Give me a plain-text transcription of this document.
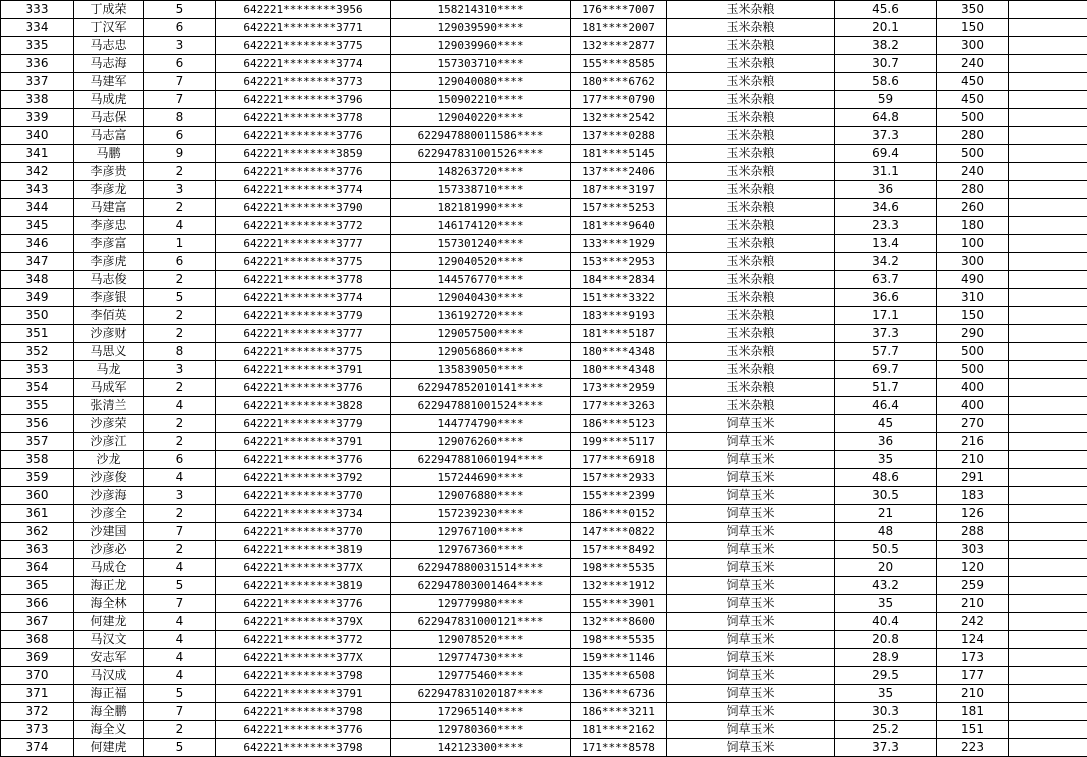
333	丁成荣	5	642221********3956	158214310****	176****7007	玉米杂粮	45.6	350	
334	丁汉军	6	642221********3771	129039590****	181****2007	玉米杂粮	20.1	150	
335	马志忠	3	642221********3775	129039960****	132****2877	玉米杂粮	38.2	300	
336	马志海	6	642221********3774	157303710****	155****8585	玉米杂粮	30.7	240	
337	马建军	7	642221********3773	129040080****	180****6762	玉米杂粮	58.6	450	
338	马成虎	7	642221********3796	150902210****	177****0790	玉米杂粮	59	450	
339	马志保	8	642221********3778	129040220****	132****2542	玉米杂粮	64.8	500	
340	马志富	6	642221********3776	622947880011586****	137****0288	玉米杂粮	37.3	280	
341	马鹏	9	642221********3859	622947831001526****	181****5145	玉米杂粮	69.4	500	
342	李彦贵	2	642221********3776	148263720****	137****2406	玉米杂粮	31.1	240	
343	李彦龙	3	642221********3774	157338710****	187****3197	玉米杂粮	36	280	
344	马建富	2	642221********3790	182181990****	157****5253	玉米杂粮	34.6	260	
345	李彦忠	4	642221********3772	146174120****	181****9640	玉米杂粮	23.3	180	
346	李彦富	1	642221********3777	157301240****	133****1929	玉米杂粮	13.4	100	
347	李彦虎	6	642221********3775	129040520****	153****2953	玉米杂粮	34.2	300	
348	马志俊	2	642221********3778	144576770****	184****2834	玉米杂粮	63.7	490	
349	李彦银	5	642221********3774	129040430****	151****3322	玉米杂粮	36.6	310	
350	李佰英	2	642221********3779	136192720****	183****9193	玉米杂粮	17.1	150	
351	沙彦财	2	642221********3777	129057500****	181****5187	玉米杂粮	37.3	290	
352	马思义	8	642221********3775	129056860****	180****4348	玉米杂粮	57.7	500	
353	马龙	3	642221********3791	135839050****	180****4348	玉米杂粮	69.7	500	
354	马成军	2	642221********3776	622947852010141****	173****2959	玉米杂粮	51.7	400	
355	张清兰	4	642221********3828	622947881001524****	177****3263	玉米杂粮	46.4	400	
356	沙彦荣	2	642221********3779	144774790****	186****5123	饲草玉米	45	270	
357	沙彦江	2	642221********3791	129076260****	199****5117	饲草玉米	36	216	
358	沙龙	6	642221********3776	622947881060194****	177****6918	饲草玉米	35	210	
359	沙彦俊	4	642221********3792	157244690****	157****2933	饲草玉米	48.6	291	
360	沙彦海	3	642221********3770	129076880****	155****2399	饲草玉米	30.5	183	
361	沙彦全	2	642221********3734	157239230****	186****0152	饲草玉米	21	126	
362	沙建国	7	642221********3770	129767100****	147****0822	饲草玉米	48	288	
363	沙彦必	2	642221********3819	129767360****	157****8492	饲草玉米	50.5	303	
364	马成仓	4	642221********377X	622947880031514****	198****5535	饲草玉米	20	120	
365	海正龙	5	642221********3819	622947803001464****	132****1912	饲草玉米	43.2	259	
366	海全林	7	642221********3776	129779980****	155****3901	饲草玉米	35	210	
367	何建龙	4	642221********379X	622947831000121****	132****8600	饲草玉米	40.4	242	
368	马汉文	4	642221********3772	129078520****	198****5535	饲草玉米	20.8	124	
369	安志军	4	642221********377X	129774730****	159****1146	饲草玉米	28.9	173	
370	马汉成	4	642221********3798	129775460****	135****6508	饲草玉米	29.5	177	
371	海正福	5	642221********3791	622947831020187****	136****6736	饲草玉米	35	210	
372	海全鹏	7	642221********3798	172965140****	186****3211	饲草玉米	30.3	181	
373	海全义	2	642221********3776	129780360****	181****2162	饲草玉米	25.2	151	
374	何建虎	5	642221********3798	142123300****	171****8578	饲草玉米	37.3	223	
